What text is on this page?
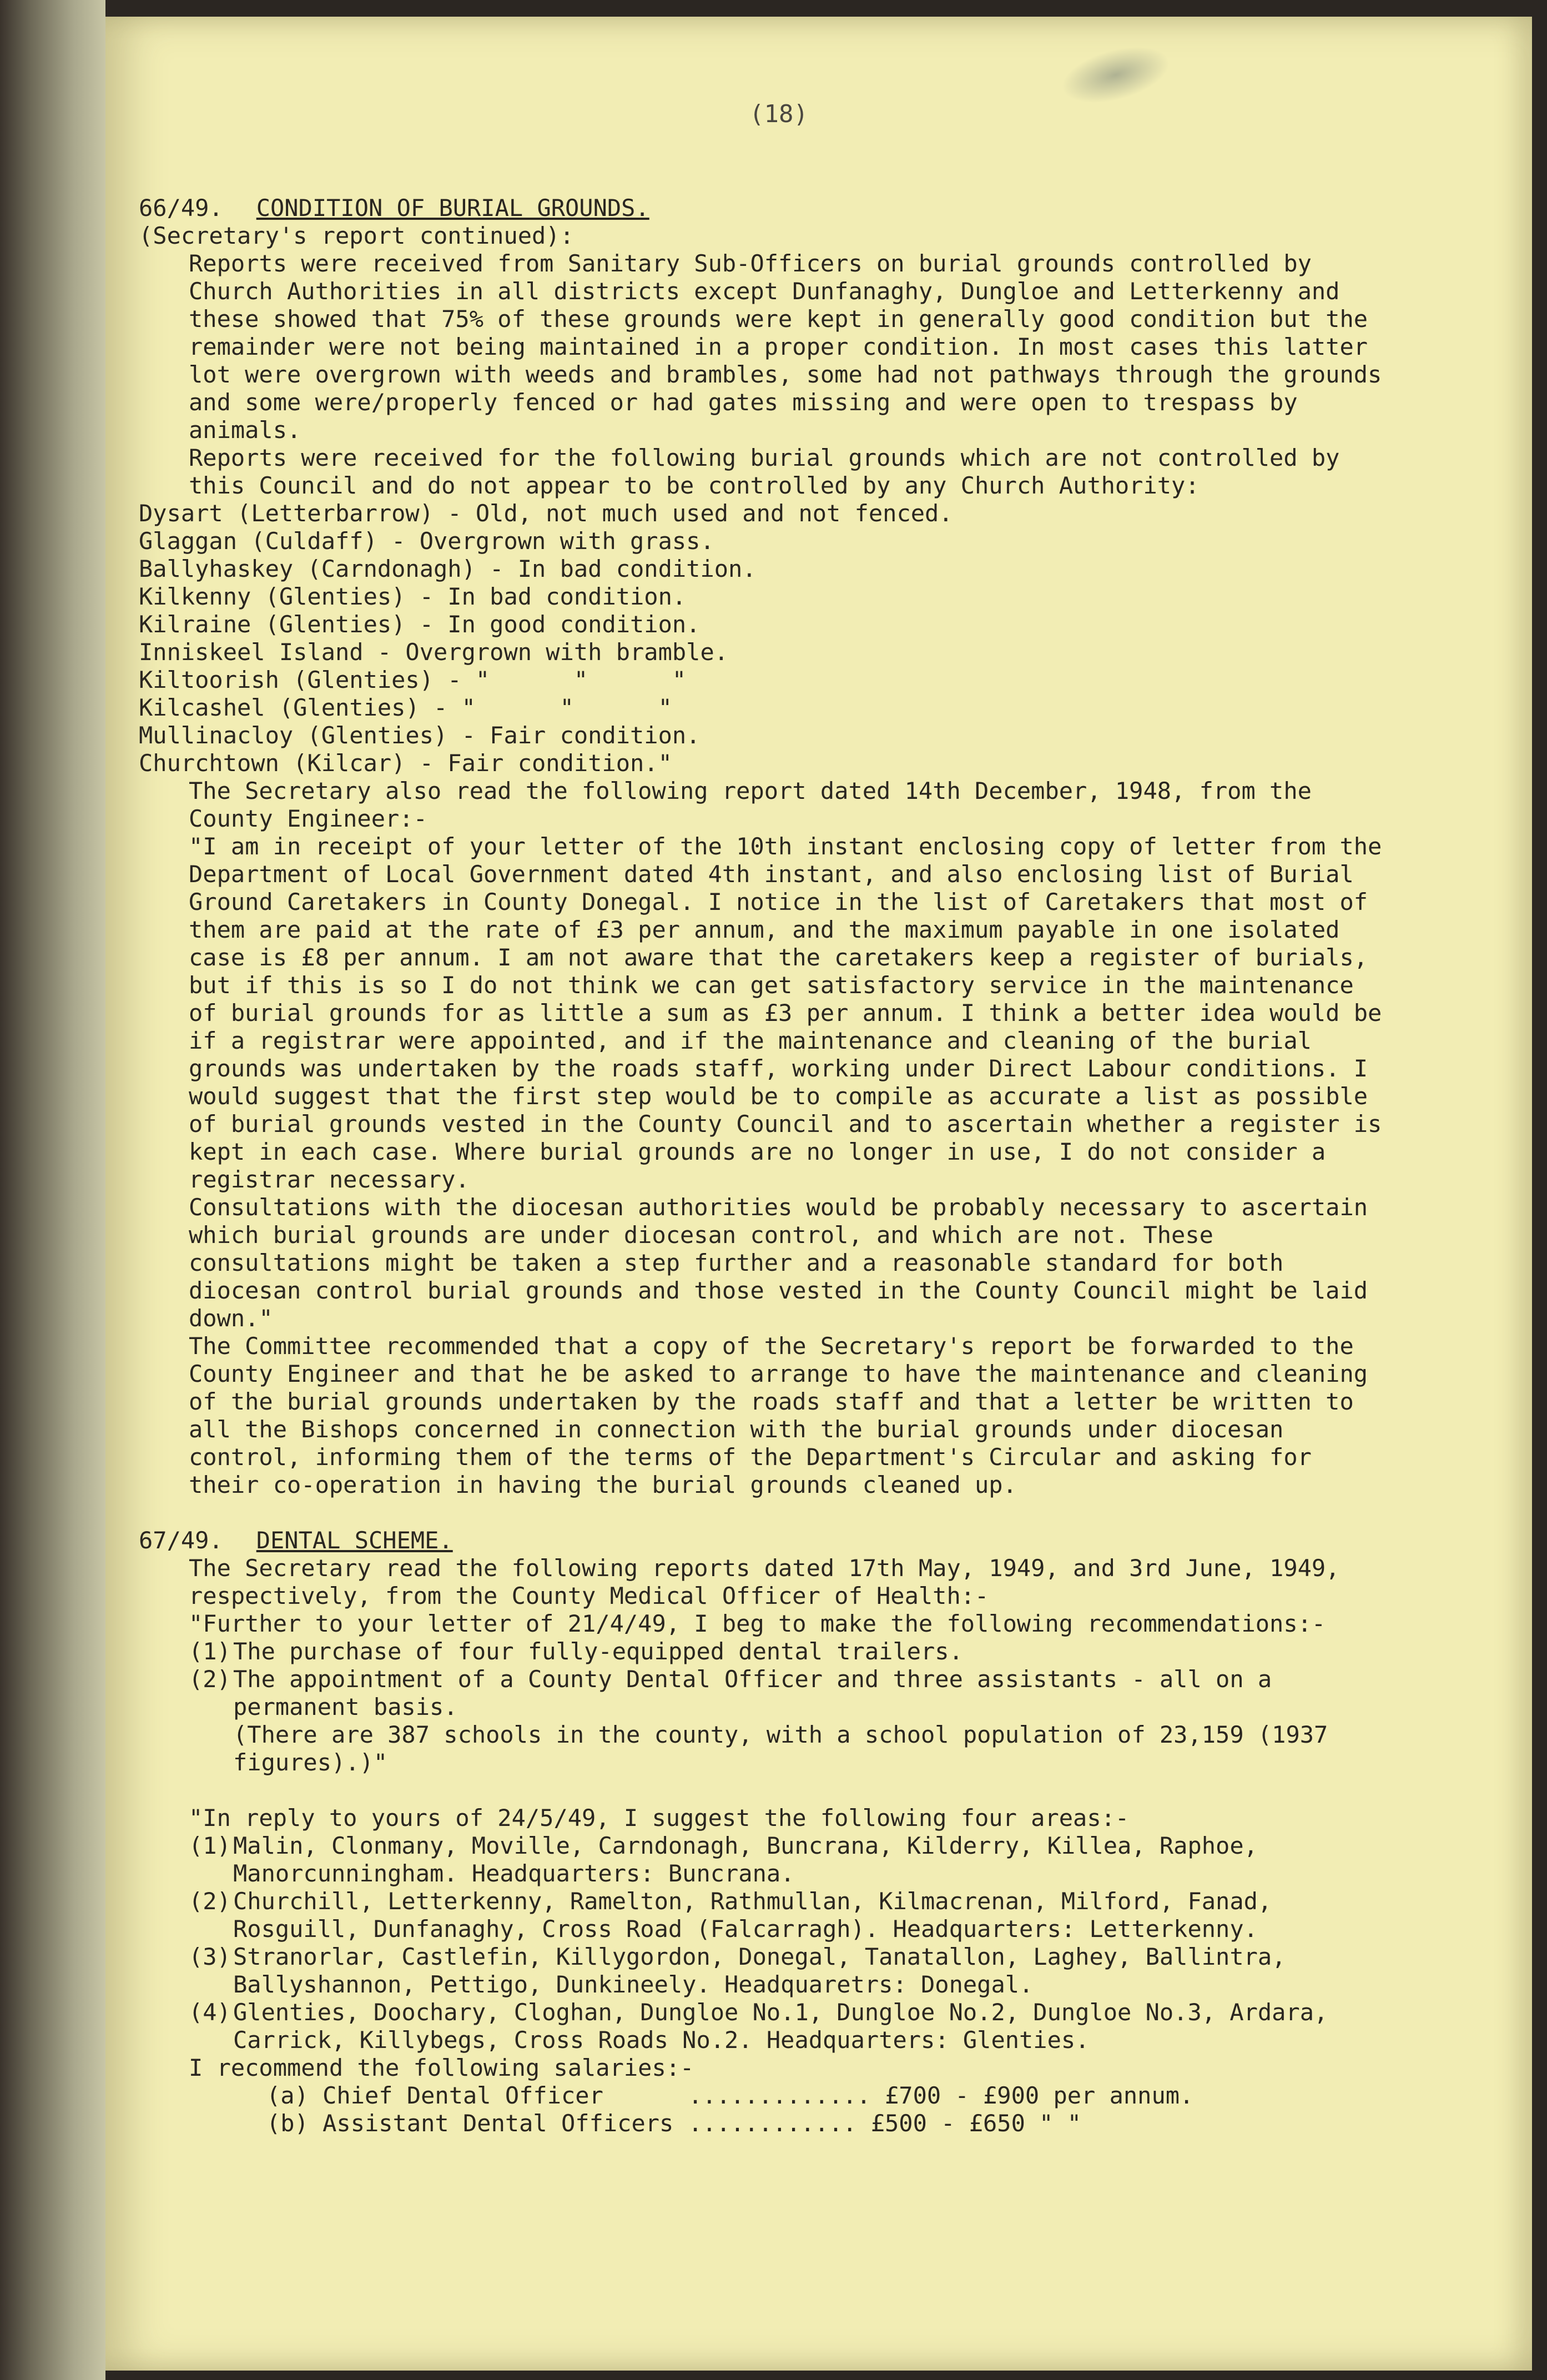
(18)
66/49. CONDITION OF BURIAL GROUNDS.

(Secretary's report continued):

Reports were received from Sanitary Sub-Officers on burial grounds controlled by Church Authorities in all districts except Dunfanaghy, Dungloe and Letterkenny and these showed that 75% of these grounds were kept in generally good condition but the remainder were not being maintained in a proper condition. In most cases this latter lot were overgrown with weeds and brambles, some had not pathways through the grounds and some were/properly fenced or had gates missing and were open to trespass by animals.

Reports were received for the following burial grounds which are not controlled by this Council and do not appear to be controlled by any Church Authority:

Dysart (Letterbarrow) - Old, not much used and not fenced.

Glaggan (Culdaff) - Overgrown with grass.

Ballyhaskey (Carndonagh) - In bad condition.

Kilkenny (Glenties) - In bad condition.

Kilraine (Glenties) - In good condition.

Inniskeel Island - Overgrown with bramble.

Kiltoorish (Glenties) - "      "      "

Kilcashel (Glenties) - "      "      "

Mullinacloy (Glenties) - Fair condition.

Churchtown (Kilcar) - Fair condition."

The Secretary also read the following report dated 14th December, 1948, from the County Engineer:-

"I am in receipt of your letter of the 10th instant enclosing copy of letter from the Department of Local Government dated 4th instant, and also enclosing list of Burial Ground Caretakers in County Donegal. I notice in the list of Caretakers that most of them are paid at the rate of £3 per annum, and the maximum payable in one isolated case is £8 per annum. I am not aware that the caretakers keep a register of burials, but if this is so I do not think we can get satisfactory service in the maintenance of burial grounds for as little a sum as £3 per annum. I think a better idea would be if a registrar were appointed, and if the maintenance and cleaning of the burial grounds was undertaken by the roads staff, working under Direct Labour conditions. I would suggest that the first step would be to compile as accurate a list as possible of burial grounds vested in the County Council and to ascertain whether a register is kept in each case. Where burial grounds are no longer in use, I do not consider a registrar necessary.

Consultations with the diocesan authorities would be probably necessary to ascertain which burial grounds are under diocesan control, and which are not. These consultations might be taken a step further and a reasonable standard for both diocesan control burial grounds and those vested in the County Council might be laid down."

The Committee recommended that a copy of the Secretary's report be forwarded to the County Engineer and that he be asked to arrange to have the maintenance and cleaning of the burial grounds undertaken by the roads staff and that a letter be written to all the Bishops concerned in connection with the burial grounds under diocesan control, informing them of the terms of the Department's Circular and asking for their co-operation in having the burial grounds cleaned up.

67/49. DENTAL SCHEME.

The Secretary read the following reports dated 17th May, 1949, and 3rd June, 1949, respectively, from the County Medical Officer of Health:-

"Further to your letter of 21/4/49, I beg to make the following recommendations:-

(1) The purchase of four fully-equipped dental trailers.
(2) The appointment of a County Dental Officer and three assistants - all on a permanent basis.

(There are 387 schools in the county, with a school population of 23,159 (1937 figures).)"

"In reply to yours of 24/5/49, I suggest the following four areas:-

(1) Malin, Clonmany, Moville, Carndonagh, Buncrana, Kilderry, Killea, Raphoe, Manorcunningham. Headquarters: Buncrana.
(2) Churchill, Letterkenny, Ramelton, Rathmullan, Kilmacrenan, Milford, Fanad, Rosguill, Dunfanaghy, Cross Road (Falcarragh). Headquarters: Letterkenny.
(3) Stranorlar, Castlefin, Killygordon, Donegal, Tanatallon, Laghey, Ballintra, Ballyshannon, Pettigo, Dunkineely. Headquaretrs: Donegal.
(4) Glenties, Doochary, Cloghan, Dungloe No.1, Dungloe No.2, Dungloe No.3, Ardara, Carrick, Killybegs, Cross Roads No.2. Headquarters: Glenties.

I recommend the following salaries:-

(a) Chief Dental Officer	............. £700 - £900 per annum.
(b) Assistant Dental Officers ............ £500 - £650 " "
